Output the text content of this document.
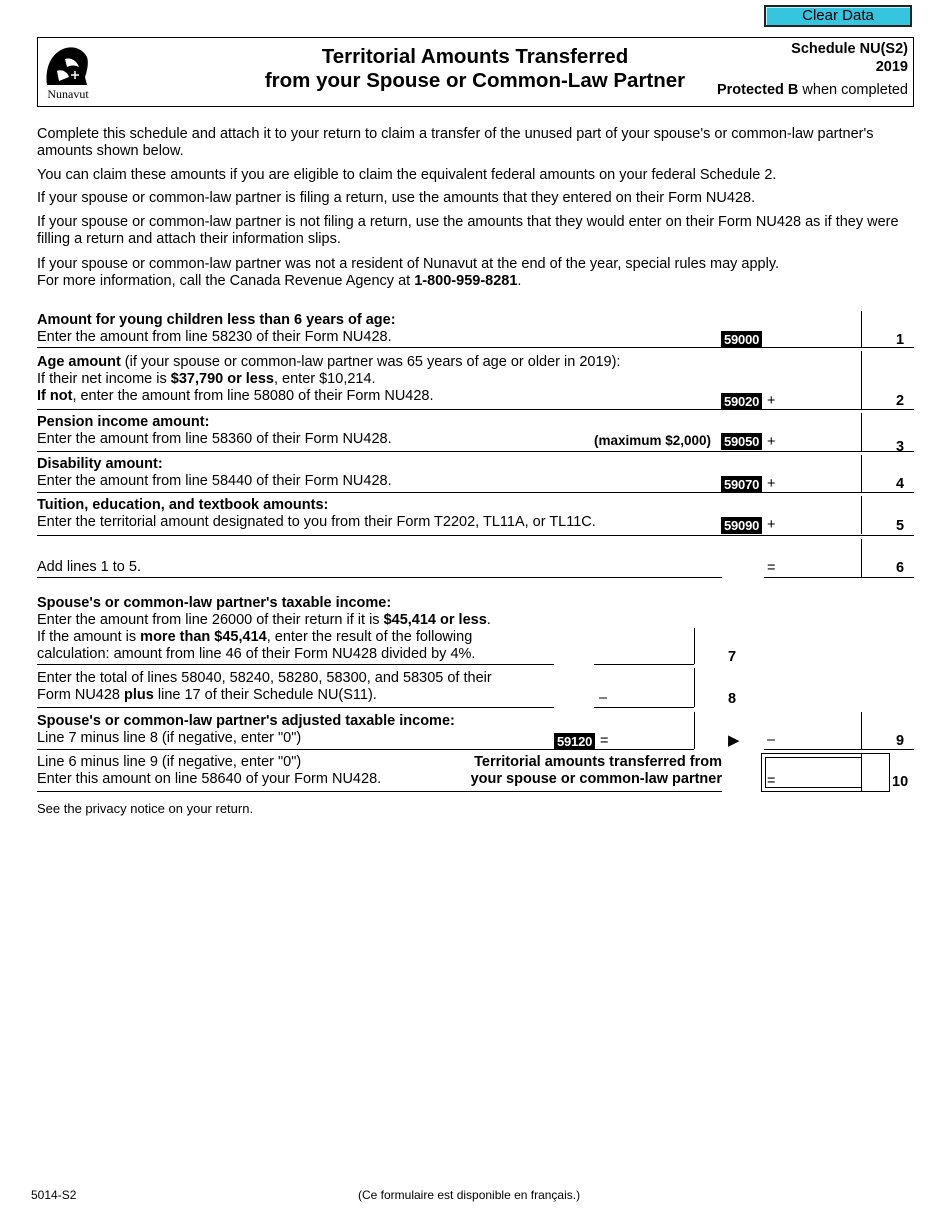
Clear Data
Nunavut
Territorial Amounts Transferred
from your Spouse or Common-Law Partner
Schedule NU(S2)
2019
Protected B when completed
Complete this schedule and attach it to your return to claim a transfer of the unused part of your spouse's or common-law partner's amounts shown below.
You can claim these amounts if you are eligible to claim the equivalent federal amounts on your federal Schedule 2.
If your spouse or common-law partner is filing a return, use the amounts that they entered on their Form NU428.
If your spouse or common-law partner is not filing a return, use the amounts that they would enter on their Form NU428 as if they were filling a return and attach their information slips.
If your spouse or common-law partner was not a resident of Nunavut at the end of the year, special rules may apply.
For more information, call the Canada Revenue Agency at 1-800-959-8281.
Amount for young children less than 6 years of age:
Enter the amount from line 58230 of their Form NU428.	59000	1
Age amount (if your spouse or common-law partner was 65 years of age or older in 2019):
If their net income is $37,790 or less, enter $10,214.
If not, enter the amount from line 58080 of their Form NU428.	59020 +	2
Pension income amount:
Enter the amount from line 58360 of their Form NU428.	(maximum $2,000) 59050 +	3
Disability amount:
Enter the amount from line 58440 of their Form NU428.	59070 +	4
Tuition, education, and textbook amounts:
Enter the territorial amount designated to you from their Form T2202, TL11A, or TL11C.	59090 +	5
Add lines 1 to 5.	=	6
Spouse's or common-law partner's taxable income:
Enter the amount from line 26000 of their return if it is $45,414 or less.
If the amount is more than $45,414, enter the result of the following
calculation: amount from line 46 of their Form NU428 divided by 4%.	7
Enter the total of lines 58040, 58240, 58280, 58300, and 58305 of their
Form NU428 plus line 17 of their Schedule NU(S11).	–	8
Spouse's or common-law partner's adjusted taxable income:
Line 7 minus line 8 (if negative, enter "0")	59120 =	▶ –	9
Line 6 minus line 9 (if negative, enter "0")
Enter this amount on line 58640 of your Form NU428.
Territorial amounts transferred from
your spouse or common-law partner	=	10
See the privacy notice on your return.
5014-S2	(Ce formulaire est disponible en français.)
